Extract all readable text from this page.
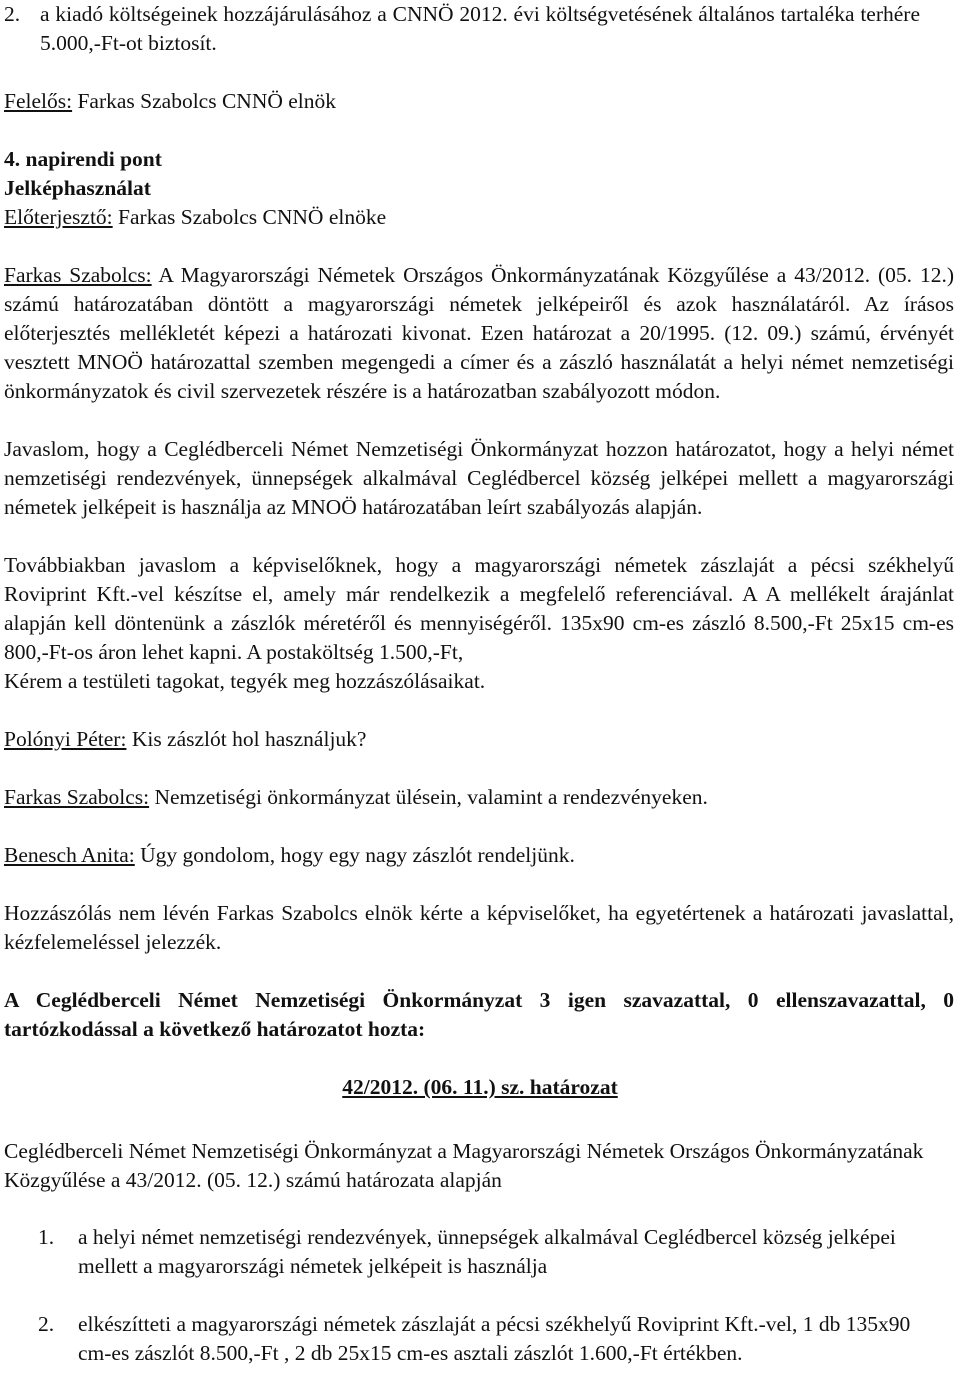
2. a kiadó költségeinek hozzájárulásához a CNNÖ 2012. évi költségvetésének általános tartaléka terhére 5.000,-Ft-ot biztosít.

Felelős: Farkas Szabolcs CNNÖ elnök

4. napirendi pont

Jelképhasználat

Előterjesztő: Farkas Szabolcs CNNÖ elnöke

Farkas Szabolcs: A Magyarországi Németek Országos Önkormányzatának Közgyűlése a 43/2012. (05. 12.) számú határozatában döntött a magyarországi németek jelképeiről és azok használatáról. Az írásos előterjesztés mellékletét képezi a határozati kivonat. Ezen határozat a 20/1995. (12. 09.) számú, érvényét vesztett MNOÖ határozattal szemben megengedi a címer és a zászló használatát a helyi német nemzetiségi önkormányzatok és civil szervezetek részére is a határozatban szabályozott módon.

Javaslom, hogy a Ceglédberceli Német Nemzetiségi Önkormányzat hozzon határozatot, hogy a helyi német nemzetiségi rendezvények, ünnepségek alkalmával Ceglédbercel község jelképei mellett a magyarországi németek jelképeit is használja az MNOÖ határozatában leírt szabályozás alapján.

Továbbiakban javaslom a képviselőknek, hogy a magyarországi németek zászlaját a pécsi székhelyű Roviprint Kft.-vel készítse el, amely már rendelkezik a megfelelő referenciával. A A mellékelt árajánlat alapján kell döntenünk a zászlók méretéről és mennyiségéről. 135x90 cm-es zászló 8.500,-Ft 25x15 cm-es 800,-Ft-os áron lehet kapni. A postaköltség 1.500,-Ft,

Kérem a testületi tagokat, tegyék meg hozzászólásaikat.

Polónyi Péter: Kis zászlót hol használjuk?

Farkas Szabolcs: Nemzetiségi önkormányzat ülésein, valamint a rendezvényeken.

Benesch Anita: Úgy gondolom, hogy egy nagy zászlót rendeljünk.

Hozzászólás nem lévén Farkas Szabolcs elnök kérte a képviselőket, ha egyetértenek a határozati javaslattal, kézfelemeléssel jelezzék.

A Ceglédberceli Német Nemzetiségi Önkormányzat 3 igen szavazattal, 0 ellenszavazattal, 0 tartózkodással a következő határozatot hozta:

42/2012. (06. 11.) sz. határozat

Ceglédberceli Német Nemzetiségi Önkormányzat a Magyarországi Németek Országos Önkormányzatának Közgyűlése a 43/2012. (05. 12.) számú határozata alapján

1.	a helyi német nemzetiségi rendezvények, ünnepségek alkalmával Ceglédbercel község jelképei mellett a magyarországi németek jelképeit is használja
2.	elkészítteti a magyarországi németek zászlaját a pécsi székhelyű Roviprint Kft.-vel, 1 db 135x90 cm-es zászlót 8.500,-Ft , 2 db 25x15 cm-es asztali zászlót 1.600,-Ft értékben.
